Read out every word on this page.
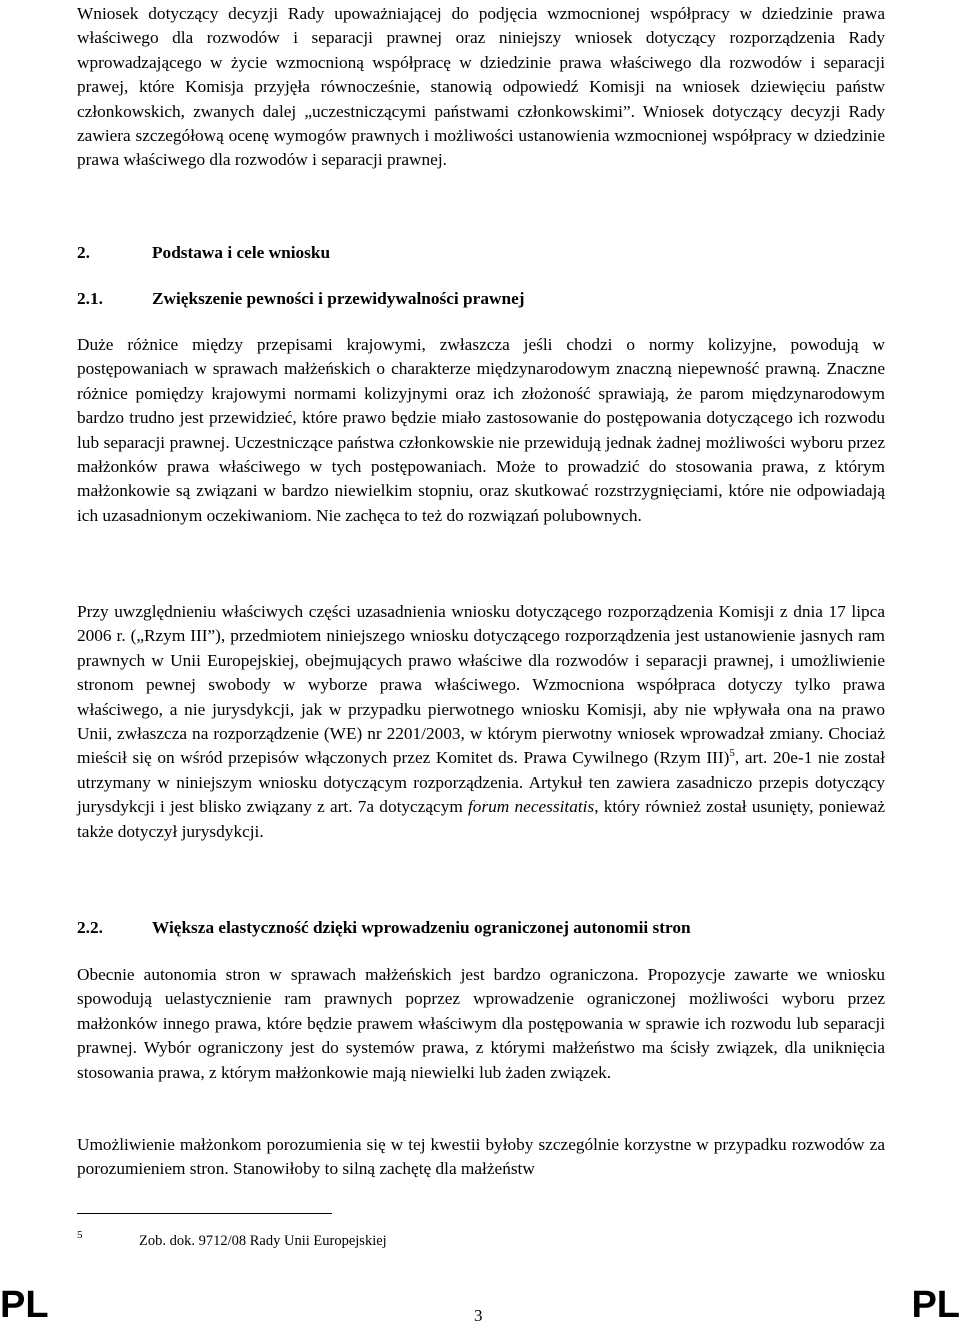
Wniosek dotyczący decyzji Rady upoważniającej do podjęcia wzmocnionej współpracy w dziedzinie prawa właściwego dla rozwodów i separacji prawnej oraz niniejszy wniosek dotyczący rozporządzenia Rady wprowadzającego w życie wzmocnioną współpracę w dziedzinie prawa właściwego dla rozwodów i separacji prawej, które Komisja przyjęła równocześnie, stanowią odpowiedź Komisji na wniosek dziewięciu państw członkowskich, zwanych dalej „uczestniczącymi państwami członkowskimi”. Wniosek dotyczący decyzji Rady zawiera szczegółową ocenę wymogów prawnych i możliwości ustanowienia wzmocnionej współpracy w dziedzinie prawa właściwego dla rozwodów i separacji prawnej.

2.	Podstawa i cele wniosku
2.1.	Zwiększenie pewności i przewidywalności prawnej

Duże różnice między przepisami krajowymi, zwłaszcza jeśli chodzi o normy kolizyjne, powodują w postępowaniach w sprawach małżeńskich o charakterze międzynarodowym znaczną niepewność prawną. Znaczne różnice pomiędzy krajowymi normami kolizyjnymi oraz ich złożoność sprawiają, że parom międzynarodowym bardzo trudno jest przewidzieć, które prawo będzie miało zastosowanie do postępowania dotyczącego ich rozwodu lub separacji prawnej. Uczestniczące państwa członkowskie nie przewidują jednak żadnej możliwości wyboru przez małżonków prawa właściwego w tych postępowaniach. Może to prowadzić do stosowania prawa, z którym małżonkowie są związani w bardzo niewielkim stopniu, oraz skutkować rozstrzygnięciami, które nie odpowiadają ich uzasadnionym oczekiwaniom. Nie zachęca to też do rozwiązań polubownych.

Przy uwzględnieniu właściwych części uzasadnienia wniosku dotyczącego rozporządzenia Komisji z dnia 17 lipca 2006 r. („Rzym III”), przedmiotem niniejszego wniosku dotyczącego rozporządzenia jest ustanowienie jasnych ram prawnych w Unii Europejskiej, obejmujących prawo właściwe dla rozwodów i separacji prawnej, i umożliwienie stronom pewnej swobody w wyborze prawa właściwego. Wzmocniona współpraca dotyczy tylko prawa właściwego, a nie jurysdykcji, jak w przypadku pierwotnego wniosku Komisji, aby nie wpływała ona na prawo Unii, zwłaszcza na rozporządzenie (WE) nr 2201/2003, w którym pierwotny wniosek wprowadzał zmiany. Chociaż mieścił się on wśród przepisów włączonych przez Komitet ds. Prawa Cywilnego (Rzym III)$^5$, art. 20e-1 nie został utrzymany w niniejszym wniosku dotyczącym rozporządzenia. Artykuł ten zawiera zasadniczo przepis dotyczący jurysdykcji i jest blisko związany z art. 7a dotyczącym forum necessitatis, który również został usunięty, ponieważ także dotyczył jurysdykcji.

2.2.	Większa elastyczność dzięki wprowadzeniu ograniczonej autonomii stron

Obecnie autonomia stron w sprawach małżeńskich jest bardzo ograniczona. Propozycje zawarte we wniosku spowodują uelastycznienie ram prawnych poprzez wprowadzenie ograniczonej możliwości wyboru przez małżonków innego prawa, które będzie prawem właściwym dla postępowania w sprawie ich rozwodu lub separacji prawnej. Wybór ograniczony jest do systemów prawa, z którymi małżeństwo ma ścisły związek, dla uniknięcia stosowania prawa, z którym małżonkowie mają niewielki lub żaden związek.

Umożliwienie małżonkom porozumienia się w tej kwestii byłoby szczególnie korzystne w przypadku rozwodów za porozumieniem stron. Stanowiłoby to silną zachętę dla małżeństw

5	Zob. dok. 9712/08 Rady Unii Europejskiej
PL	3	PL
